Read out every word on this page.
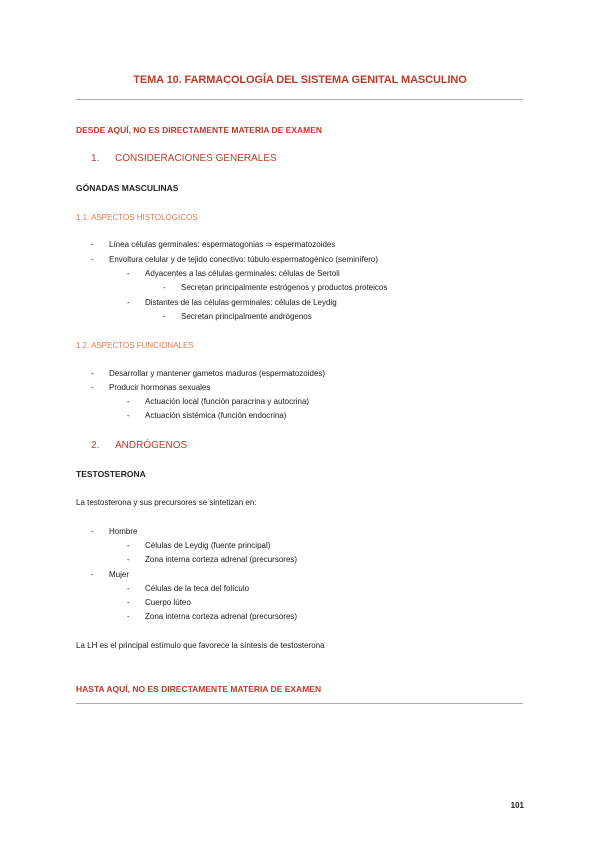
TEMA 10. FARMACOLOGÍA DEL SISTEMA GENITAL MASCULINO
DESDE AQUÍ, NO ES DIRECTAMENTE MATERIA DE EXAMEN
1. CONSIDERACIONES GENERALES
GÓNADAS MASCULINAS
1.1. ASPECTOS HISTOLÓGICOS
- Línea células germinales: espermatogonias ⇒ espermatozoides
- Envoltura celular y de tejido conectivo: túbulo espermatogénico (seminífero)
- Adyacentes a las células germinales: células de Sertoli
- Secretan principalmente estrógenos y productos proteicos
- Distantes de las células germinales: células de Leydig
- Secretan principalmente andrógenos
1.2. ASPECTOS FUNCIONALES
- Desarrollar y mantener gametos maduros (espermatozoides)
- Producir hormonas sexuales
- Actuación local (función paracrina y autocrina)
- Actuación sistémica (función endocrina)
2. ANDRÓGENOS
TESTOSTERONA
La testosterona y sus precursores se sintetizan en:
- Hombre
- Células de Leydig (fuente principal)
- Zona interna corteza adrenal (precursores)
- Mujer
- Células de la teca del folículo
- Cuerpo lúteo
- Zona interna corteza adrenal (precursores)
La LH es el principal estímulo que favorece la síntesis de testosterona
HASTA AQUÍ, NO ES DIRECTAMENTE MATERIA DE EXAMEN
101
